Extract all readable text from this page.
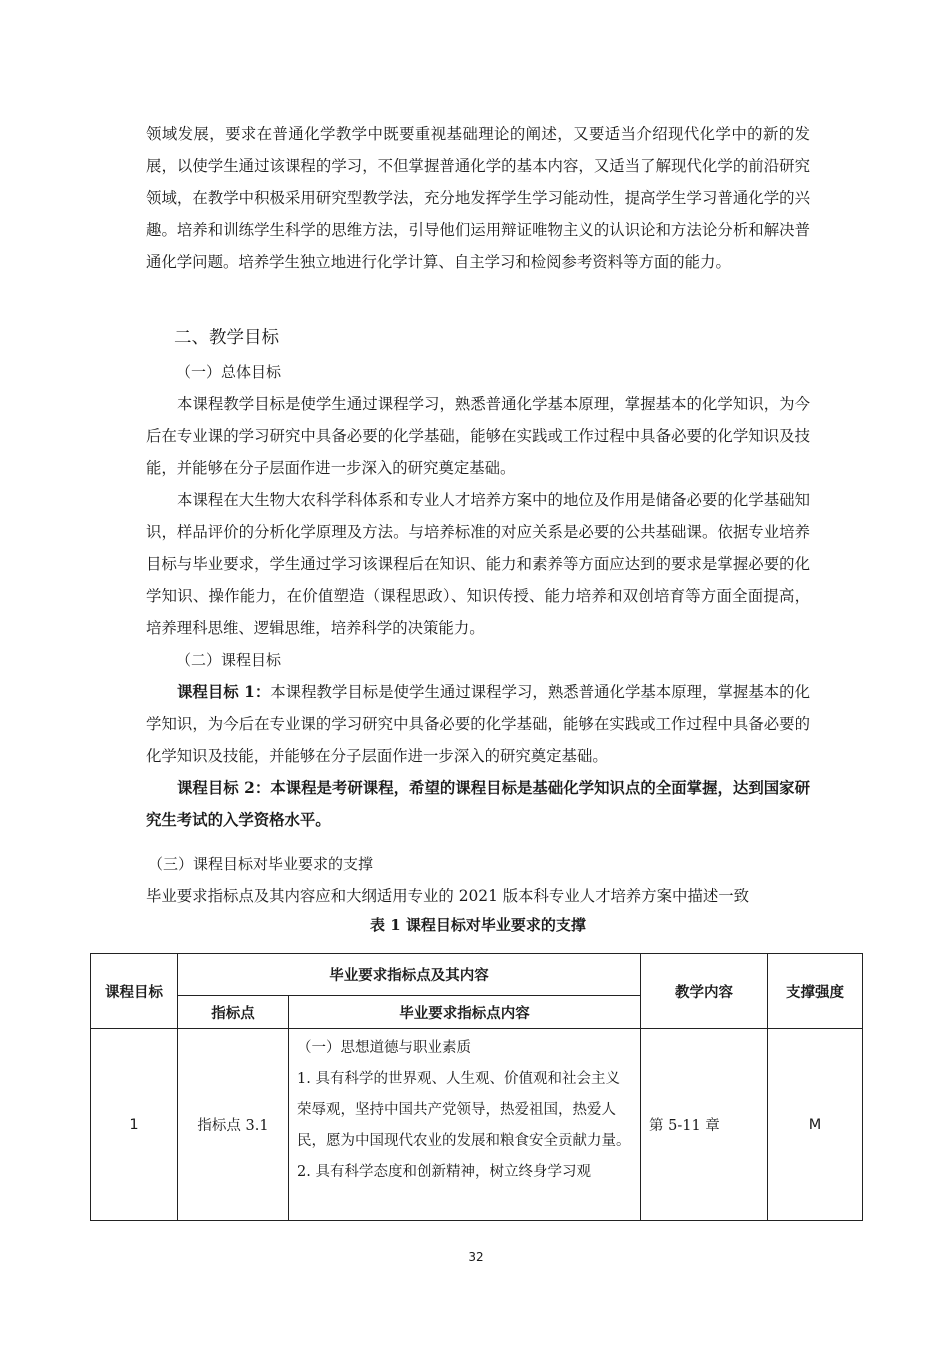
领域发展，要求在普通化学教学中既要重视基础理论的阐述，又要适当介绍现代化学中的新的发展，以使学生通过该课程的学习，不但掌握普通化学的基本内容，又适当了解现代化学的前沿研究领域，在教学中积极采用研究型教学法，充分地发挥学生学习能动性，提高学生学习普通化学的兴趣。培养和训练学生科学的思维方法，引导他们运用辩证唯物主义的认识论和方法论分析和解决普通化学问题。培养学生独立地进行化学计算、自主学习和检阅参考资料等方面的能力。

二、教学目标
（一）总体目标

本课程教学目标是使学生通过课程学习，熟悉普通化学基本原理，掌握基本的化学知识，为今后在专业课的学习研究中具备必要的化学基础，能够在实践或工作过程中具备必要的化学知识及技能，并能够在分子层面作进一步深入的研究奠定基础。

本课程在大生物大农科学科体系和专业人才培养方案中的地位及作用是储备必要的化学基础知识，样品评价的分析化学原理及方法。与培养标准的对应关系是必要的公共基础课。依据专业培养目标与毕业要求，学生通过学习该课程后在知识、能力和素养等方面应达到的要求是掌握必要的化学知识、操作能力，在价值塑造（课程思政）、知识传授、能力培养和双创培育等方面全面提高，培养理科思维、逻辑思维，培养科学的决策能力。

（二）课程目标

课程目标 1：本课程教学目标是使学生通过课程学习，熟悉普通化学基本原理，掌握基本的化学知识，为今后在专业课的学习研究中具备必要的化学基础，能够在实践或工作过程中具备必要的化学知识及技能，并能够在分子层面作进一步深入的研究奠定基础。

课程目标 2：本课程是考研课程，希望的课程目标是基础化学知识点的全面掌握，达到国家研究生考试的入学资格水平。

（三）课程目标对毕业要求的支撑

毕业要求指标点及其内容应和大纲适用专业的 2021 版本科专业人才培养方案中描述一致

表 1 课程目标对毕业要求的支撑

课程目标	毕业要求指标点及其内容		教学内容	支撑强度
	指标点	毕业要求指标点内容		
1	指标点 3.1	（一）思想道德与职业素质

1. 具有科学的世界观、人生观、价值观和社会主义荣辱观，坚持中国共产党领导，热爱祖国，热爱人民，愿为中国现代农业的发展和粮食安全贡献力量。

2. 具有科学态度和创新精神，树立终身学习观	第 5-11 章	M

32
